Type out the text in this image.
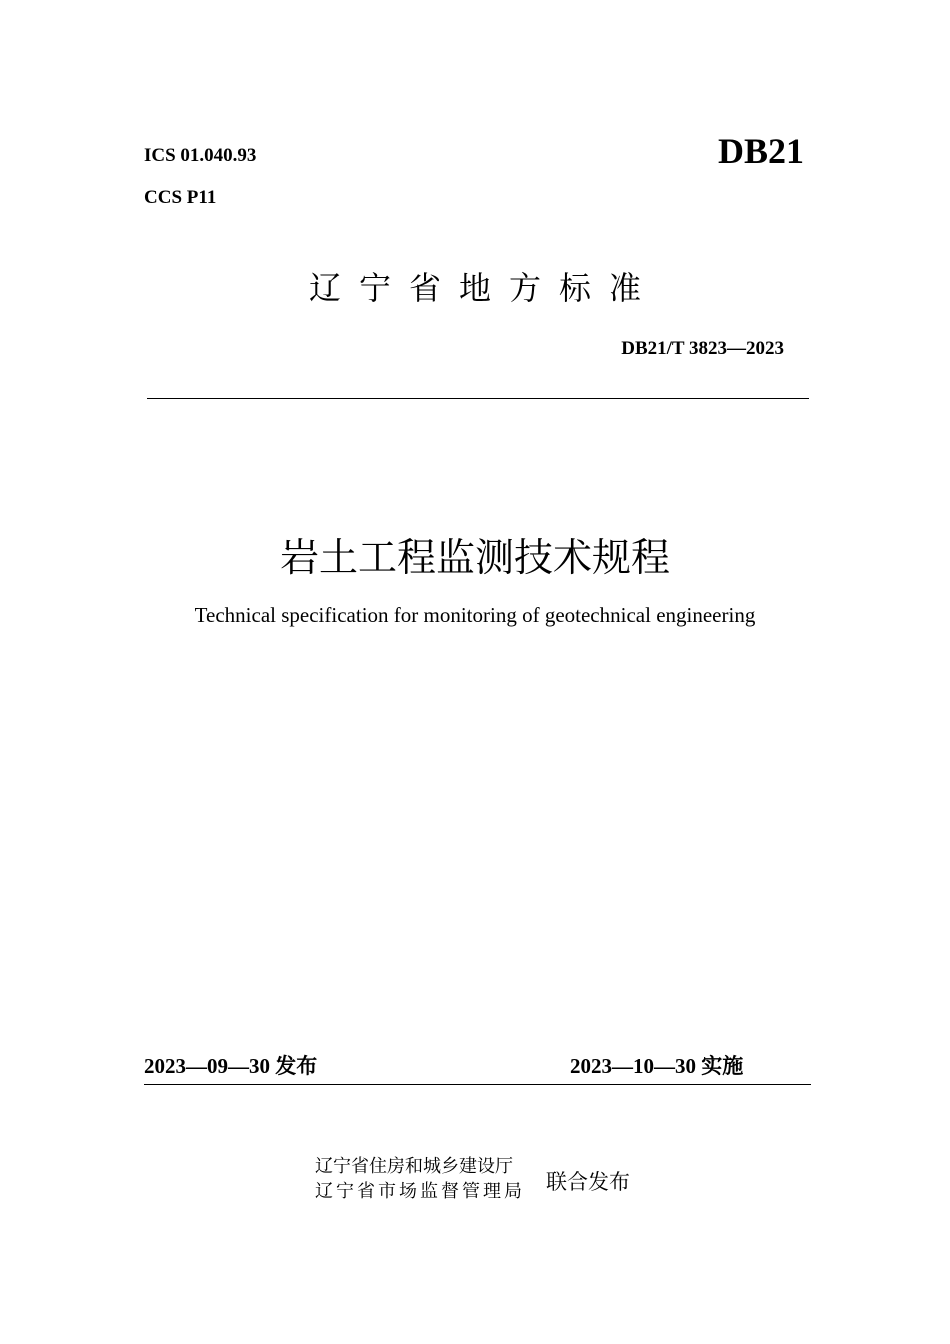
ICS 01.040.93
CCS P11
DB21
辽宁省地方标准
DB21/T 3823—2023
岩土工程监测技术规程
Technical specification for monitoring of geotechnical engineering
2023—09—30 发布	2023—10—30 实施
辽宁省住房和城乡建设厅
辽宁省市场监督管理局 联合发布
